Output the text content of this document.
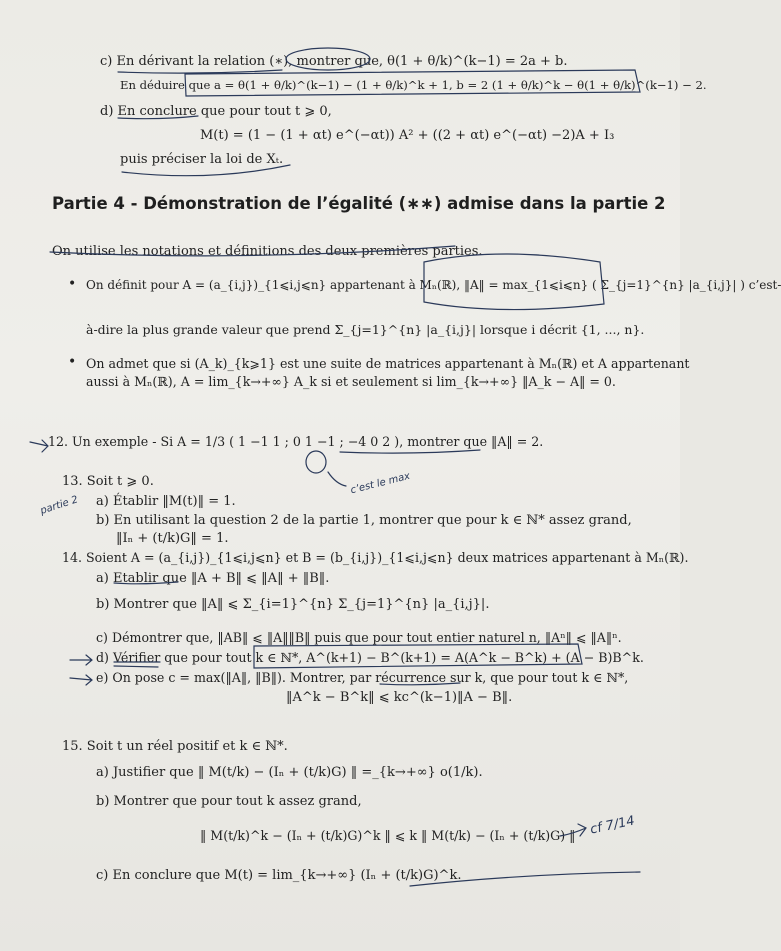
c) En dérivant la relation (∗), montrer que, θ(1 + θ/k)^(k−1) = 2a + b.
En déduire que a = θ(1 + θ/k)^(k−1) − (1 + θ/k)^k + 1, b = 2 (1 + θ/k)^k − θ(1 + θ/k)^(k−1) − 2.
d) En conclure que pour tout t ⩾ 0,
M(t) = (1 − (1 + αt) e^(−αt)) A² + ((2 + αt) e^(−αt) −2)A + I₃
puis préciser la loi de Xₜ.
Partie 4 - Démonstration de l’égalité (∗∗) admise dans la partie 2
On utilise les notations et définitions des deux premières parties.
• On définit pour A = (a_{i,j})_{1⩽i,j⩽n} appartenant à Mₙ(ℝ), ‖A‖ = max_{1⩽i⩽n} ( Σ_{j=1}^{n} |a_{i,j}| ) c’est-
à-dire la plus grande valeur que prend Σ_{j=1}^{n} |a_{i,j}| lorsque i décrit {1, ..., n}.
• On admet que si (A_k)_{k⩾1} est une suite de matrices appartenant à Mₙ(ℝ) et A appartenant
aussi à Mₙ(ℝ), A = lim_{k→+∞} A_k si et seulement si lim_{k→+∞} ‖A_k − A‖ = 0.
12. Un exemple - Si A = 1/3 ( 1 −1 1 ; 0 1 −1 ; −4 0 2 ), montrer que ‖A‖ = 2.
13. Soit t ⩾ 0.
a) Établir ‖M(t)‖ = 1.
b) En utilisant la question 2 de la partie 1, montrer que pour k ∈ ℕ* assez grand,
‖Iₙ + (t/k)G‖ = 1.
14. Soient A = (a_{i,j})_{1⩽i,j⩽n} et B = (b_{i,j})_{1⩽i,j⩽n} deux matrices appartenant à Mₙ(ℝ).
a) Etablir que ‖A + B‖ ⩽ ‖A‖ + ‖B‖.
b) Montrer que ‖A‖ ⩽ Σ_{i=1}^{n} Σ_{j=1}^{n} |a_{i,j}|.
c) Démontrer que, ‖AB‖ ⩽ ‖A‖‖B‖ puis que pour tout entier naturel n, ‖Aⁿ‖ ⩽ ‖A‖ⁿ.
d) Vérifier que pour tout k ∈ ℕ*, A^(k+1) − B^(k+1) = A(A^k − B^k) + (A − B)B^k.
e) On pose c = max(‖A‖, ‖B‖). Montrer, par récurrence sur k, que pour tout k ∈ ℕ*,
‖A^k − B^k‖ ⩽ kc^(k−1)‖A − B‖.
15. Soit t un réel positif et k ∈ ℕ*.
a) Justifier que ‖ M(t/k) − (Iₙ + (t/k)G) ‖ =_{k→+∞} o(1/k).
b) Montrer que pour tout k assez grand,
‖ M(t/k)^k − (Iₙ + (t/k)G)^k ‖ ⩽ k ‖ M(t/k) − (Iₙ + (t/k)G) ‖
c) En conclure que M(t) = lim_{k→+∞} (Iₙ + (t/k)G)^k.
c’est le max
partie 2
cf 7/14
